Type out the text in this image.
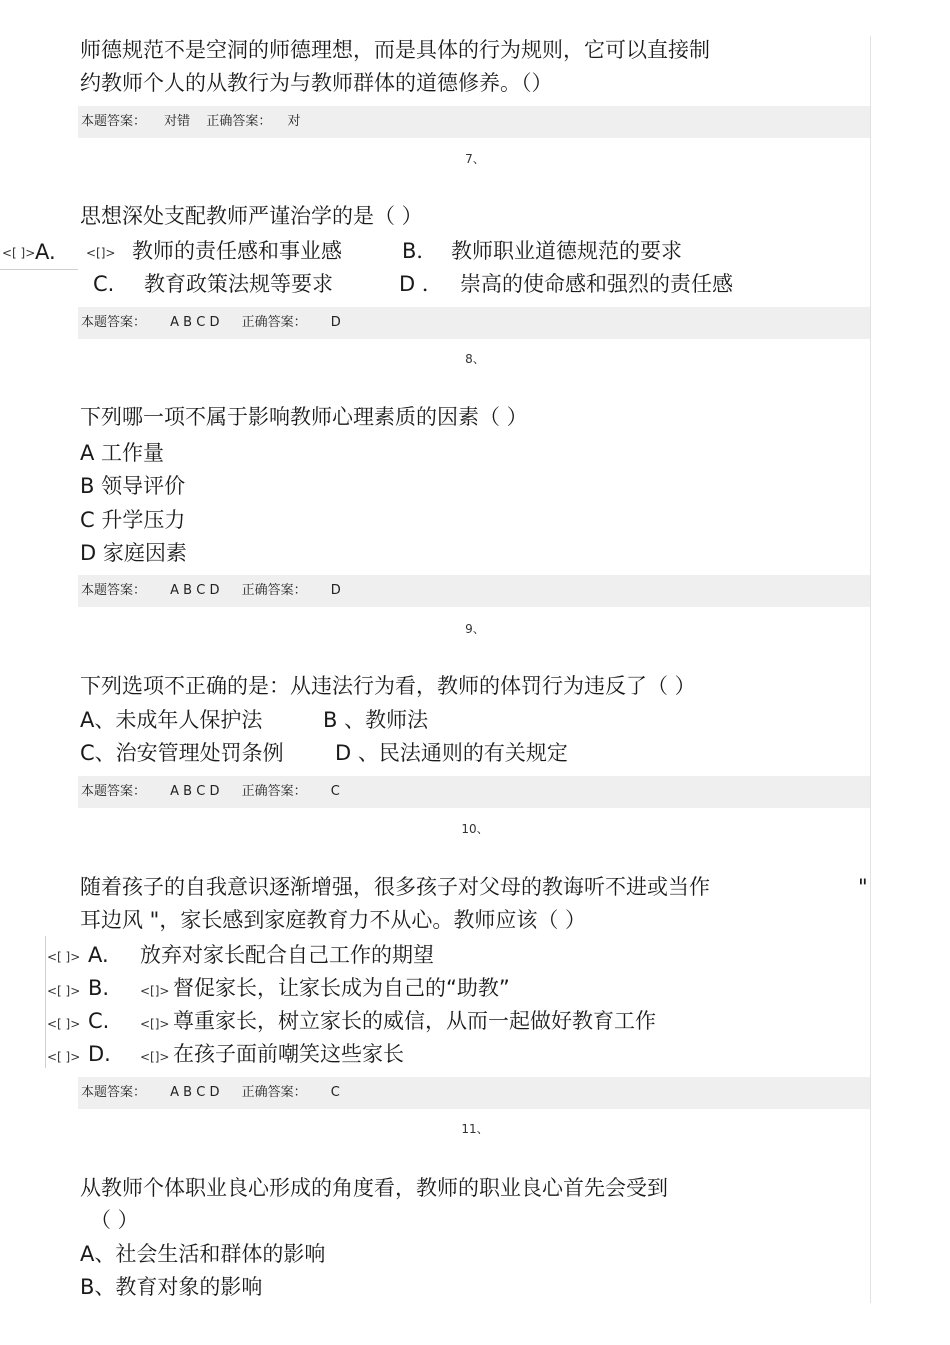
师德规范不是空洞的师德理想，而是具体的行为规则，它可以直接制
约教师个人的从教行为与教师群体的道德修养。（）
本题答案： 对错 正确答案： 对
7、
思想深处支配教师严谨治学的是（ ）
<[ ]> A.	<[]> 教师的责任感和事业感	B． 教师职业道德规范的要求
C. 教育政策法规等要求	D ． 崇高的使命感和强烈的责任感
本题答案： A B C D 正确答案： D
8、
下列哪一项不属于影响教师心理素质的因素（ ）
A 工作量
B 领导评价
C 升学压力
D 家庭因素
本题答案： A B C D 正确答案： D
9、
下列选项不正确的是：从违法行为看，教师的体罚行为违反了（ ）
A、未成年人保护法	B 、教师法
C、治安管理处罚条例 D 、民法通则的有关规定
本题答案： A B C D 正确答案： C
10、
随着孩子的自我意识逐渐增强，很多孩子对父母的教诲听不进或当作	"
耳边风 "，家长感到家庭教育力不从心。教师应该（ ）
<[ ]> A. 放弃对家长配合自己工作的期望
<[ ]> B.	<[]> 督促家长，让家长成为自己的“助教”
<[ ]> C.	<[]> 尊重家长，树立家长的威信，从而一起做好教育工作
<[ ]> D. <[]> 在孩子面前嘲笑这些家长
本题答案： A B C D 正确答案： C
11、
从教师个体职业良心形成的角度看，教师的职业良心首先会受到
（ ）
A、社会生活和群体的影响
B、教育对象的影响
